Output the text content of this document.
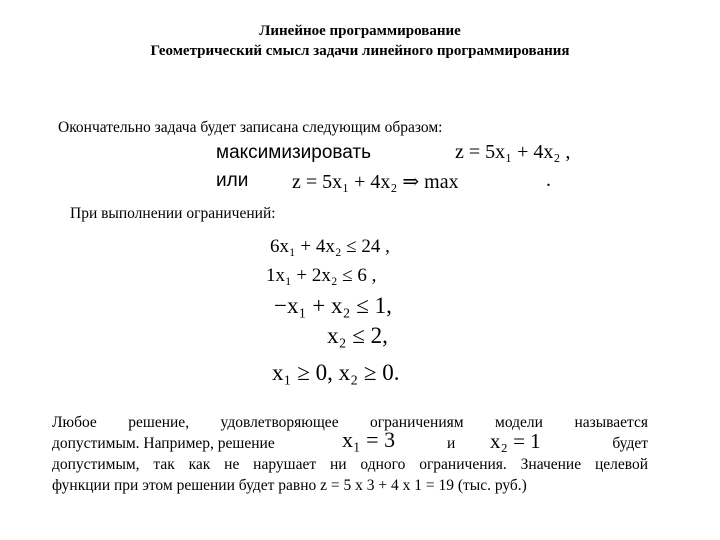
Линейное программирование
Геометрический смысл задачи линейного программирования
Окончательно задача будет записана следующим образом:
максимизировать	z = 5x₁ + 4x₂ ,
или z = 5x₁ + 4x₂ ⇒ max	.
При выполнении ограничений:
6x₁ + 4x₂ ≤ 24 ,
1x₁ + 2x₂ ≤ 6 ,
−x₁ + x₂ ≤ 1,
x₂ ≤ 2,
x₁ ≥ 0, x₂ ≥ 0.
Любое решение, удовлетворяющее ограничениям модели называется
допустимым. Например, решение	x₁ = 3	и x₂ = 1	будет
допустимым, так как не нарушает ни одного ограничения. Значение целевой
функции при этом решении будет равно z = 5 х 3 + 4 х 1 = 19 (тыс. руб.)
